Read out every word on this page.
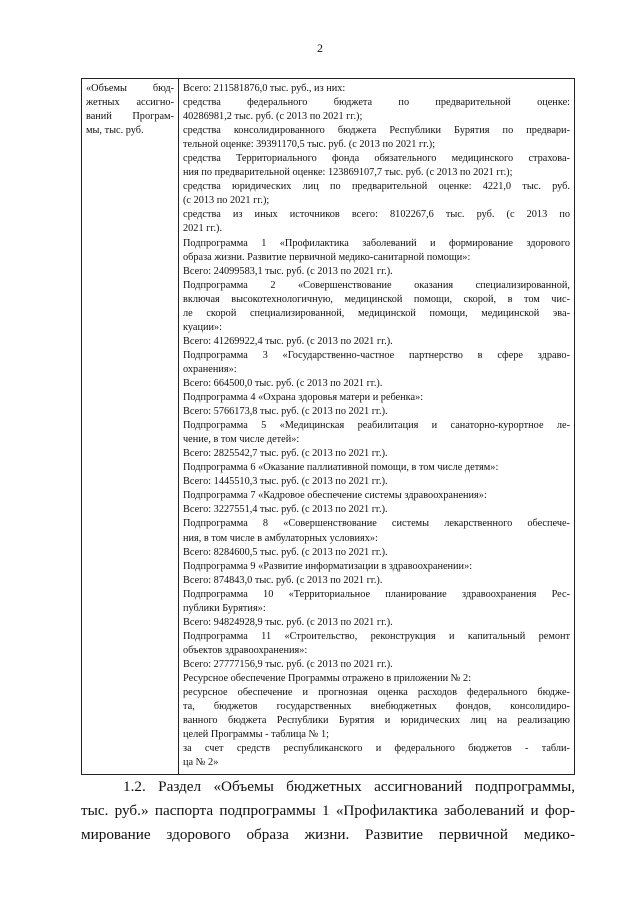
2
«Объемы бюд-
жетных ассигно-
ваний Програм-
мы, тыс. руб.

Всего: 211581876,0 тыс. руб., из них:
средства федерального бюджета по предварительной оценке:
40286981,2 тыс. руб. (с 2013 по 2021 гг.);
средства консолидированного бюджета Республики Бурятия по предвари-
тельной оценке: 39391170,5 тыс. руб. (с 2013 по 2021 гг.);
средства Территориального фонда обязательного медицинского страхова-
ния по предварительной оценке: 123869107,7 тыс. руб. (с 2013 по 2021 гг.);
средства юридических лиц по предварительной оценке: 4221,0 тыс. руб.
(с 2013 по 2021 гг.);
средства из иных источников всего: 8102267,6 тыс. руб. (с 2013 по
2021 гг.).
Подпрограмма 1 «Профилактика заболеваний и формирование здорового
образа жизни. Развитие первичной медико-санитарной помощи»:
Всего: 24099583,1 тыс. руб. (с 2013 по 2021 гг.).
Подпрограмма 2 «Совершенствование оказания специализированной,
включая высокотехнологичную, медицинской помощи, скорой, в том чис-
ле скорой специализированной, медицинской помощи, медицинской эва-
куации»:
Всего: 41269922,4 тыс. руб. (с 2013 по 2021 гг.).
Подпрограмма 3 «Государственно-частное партнерство в сфере здраво-
охранения»:
Всего: 664500,0 тыс. руб. (с 2013 по 2021 гг.).
Подпрограмма 4 «Охрана здоровья матери и ребенка»:
Всего: 5766173,8 тыс. руб. (с 2013 по 2021 гг.).
Подпрограмма 5 «Медицинская реабилитация и санаторно-курортное ле-
чение, в том числе детей»:
Всего: 2825542,7 тыс. руб. (с 2013 по 2021 гг.).
Подпрограмма 6 «Оказание паллиативной помощи, в том числе детям»:
Всего: 1445510,3 тыс. руб. (с 2013 по 2021 гг.).
Подпрограмма 7 «Кадровое обеспечение системы здравоохранения»:
Всего: 3227551,4 тыс. руб. (с 2013 по 2021 гг.).
Подпрограмма 8 «Совершенствование системы лекарственного обеспече-
ния, в том числе в амбулаторных условиях»:
Всего: 8284600,5 тыс. руб. (с 2013 по 2021 гг.).
Подпрограмма 9 «Развитие информатизации в здравоохранении»:
Всего: 874843,0 тыс. руб. (с 2013 по 2021 гг.).
Подпрограмма 10 «Территориальное планирование здравоохранения Рес-
публики Бурятия»:
Всего: 94824928,9 тыс. руб. (с 2013 по 2021 гг.).
Подпрограмма 11 «Строительство, реконструкция и капитальный ремонт
объектов здравоохранения»:
Всего: 27777156,9 тыс. руб. (с 2013 по 2021 гг.).
Ресурсное обеспечение Программы отражено в приложении № 2:
ресурсное обеспечение и прогнозная оценка расходов федерального бюдже-
та, бюджетов государственных внебюджетных фондов, консолидиро-
ванного бюджета Республики Бурятия и юридических лиц на реализацию
целей Программы - таблица № 1;
за счет средств республиканского и федерального бюджетов - табли-
ца № 2»
1.2. Раздел «Объемы бюджетных ассигнований подпрограммы,
тыс. руб.» паспорта подпрограммы 1 «Профилактика заболеваний и фор-
мирование здорового образа жизни. Развитие первичной медико-
